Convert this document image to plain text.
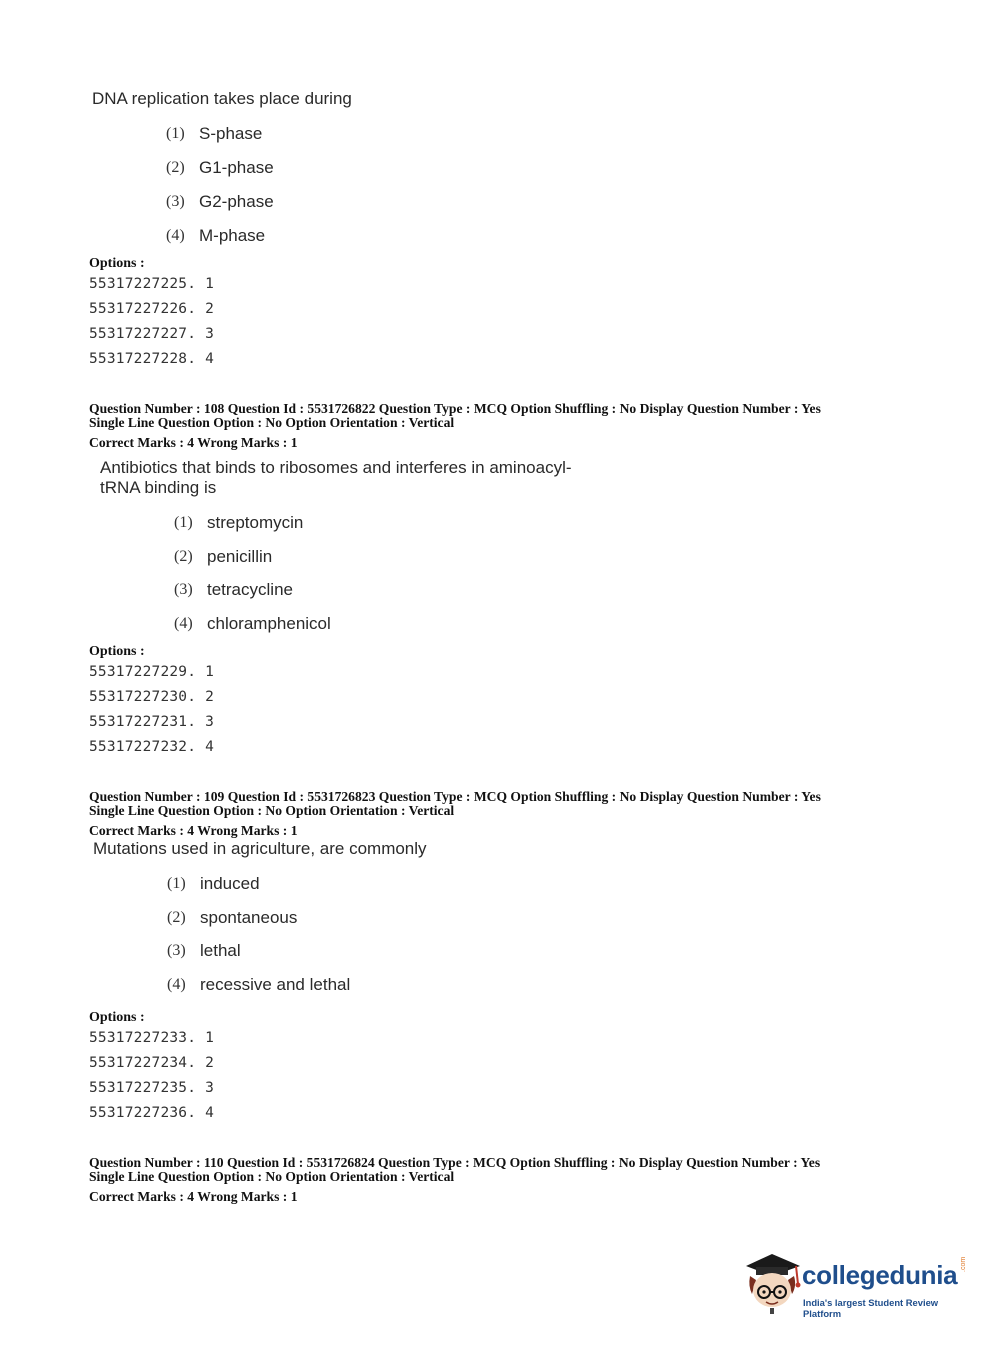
DNA replication takes place during
(1) S-phase
(2) G1-phase
(3) G2-phase
(4) M-phase
Options :
55317227225. 1
55317227226. 2
55317227227. 3
55317227228. 4
Question Number : 108 Question Id : 5531726822 Question Type : MCQ Option Shuffling : No Display Question Number : Yes
Single Line Question Option : No Option Orientation : Vertical
Correct Marks : 4 Wrong Marks : 1
Antibiotics that binds to ribosomes and interferes in aminoacyl-
tRNA binding is
(1) streptomycin
(2) penicillin
(3) tetracycline
(4) chloramphenicol
Options :
55317227229. 1
55317227230. 2
55317227231. 3
55317227232. 4
Question Number : 109 Question Id : 5531726823 Question Type : MCQ Option Shuffling : No Display Question Number : Yes
Single Line Question Option : No Option Orientation : Vertical
Correct Marks : 4 Wrong Marks : 1
Mutations used in agriculture, are commonly
(1) induced
(2) spontaneous
(3) lethal
(4) recessive and lethal
Options :
55317227233. 1
55317227234. 2
55317227235. 3
55317227236. 4
Question Number : 110 Question Id : 5531726824 Question Type : MCQ Option Shuffling : No Display Question Number : Yes
Single Line Question Option : No Option Orientation : Vertical
Correct Marks : 4 Wrong Marks : 1
collegedunia .com
India's largest Student Review Platform
